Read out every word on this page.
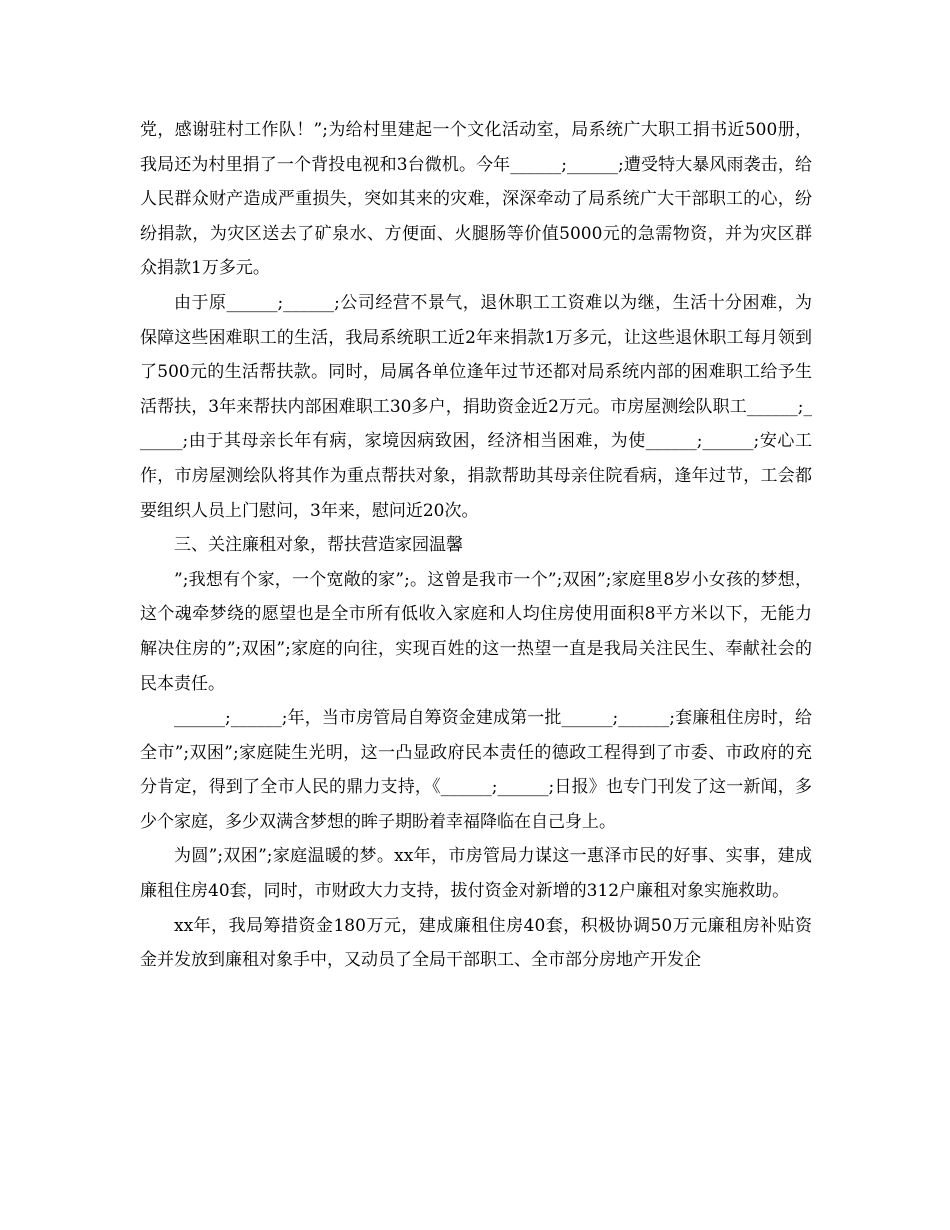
党，感谢驻村工作队！”;为给村里建起一个文化活动室，局系统广大职工捐书近500册，我局还为村里捐了一个背投电视和3台微机。今年______;______;遭受特大暴风雨袭击，给人民群众财产造成严重损失，突如其来的灾难，深深牵动了局系统广大干部职工的心，纷纷捐款，为灾区送去了矿泉水、方便面、火腿肠等价值5000元的急需物资，并为灾区群众捐款1万多元。

由于原______;______;公司经营不景气，退休职工工资难以为继，生活十分困难，为保障这些困难职工的生活，我局系统职工近2年来捐款1万多元，让这些退休职工每月领到了500元的生活帮扶款。同时，局属各单位逢年过节还都对局系统内部的困难职工给予生活帮扶，3年来帮扶内部困难职工30多户，捐助资金近2万元。市房屋测绘队职工______;______;由于其母亲长年有病，家境因病致困，经济相当困难，为使______;______;安心工作，市房屋测绘队将其作为重点帮扶对象，捐款帮助其母亲住院看病，逢年过节，工会都要组织人员上门慰问，3年来，慰问近20次。

三、关注廉租对象，帮扶营造家园温馨

”;我想有个家，一个宽敞的家”;。这曾是我市一个”;双困”;家庭里8岁小女孩的梦想，这个魂牵梦绕的愿望也是全市所有低收入家庭和人均住房使用面积8平方米以下，无能力解决住房的”;双困”;家庭的向往，实现百姓的这一热望一直是我局关注民生、奉献社会的民本责任。

______;______;年，当市房管局自筹资金建成第一批______;______;套廉租住房时，给全市”;双困”;家庭陡生光明，这一凸显政府民本责任的德政工程得到了市委、市政府的充分肯定，得到了全市人民的鼎力支持，《______;______;日报》也专门刊发了这一新闻，多少个家庭，多少双满含梦想的眸子期盼着幸福降临在自己身上。

为圆”;双困”;家庭温暖的梦。xx年，市房管局力谋这一惠泽市民的好事、实事，建成廉租住房40套，同时，市财政大力支持，拔付资金对新增的312户廉租对象实施救助。

xx年，我局筹措资金180万元，建成廉租住房40套，积极协调50万元廉租房补贴资金并发放到廉租对象手中，又动员了全局干部职工、全市部分房地产开发企
